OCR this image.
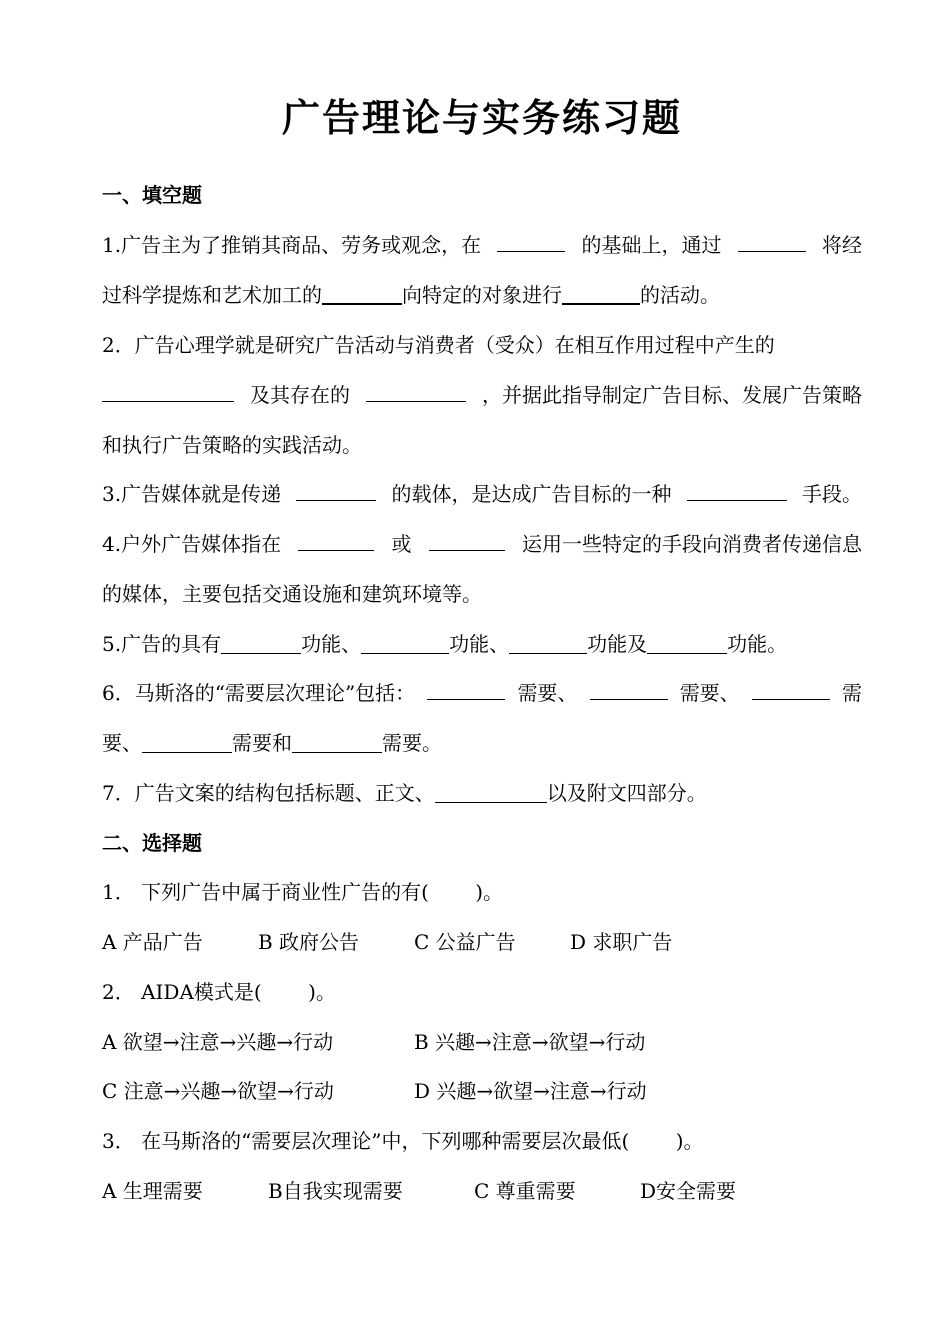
广告理论与实务练习题
一、填空题
1.广告主为了推销其商品、劳务或观念，在	的基础上，通过	将经
过科学提炼和艺术加工的	向特定的对象进行	的活动。
2．广告心理学就是研究广告活动与消费者（受众）在相互作用过程中产生的
及其存在的	，并据此指导制定广告目标、发展广告策略
和执行广告策略的实践活动。
3.广告媒体就是传递	的载体，是达成广告目标的一种	手段。
4.户外广告媒体指在	或	运用一些特定的手段向消费者传递信息
的媒体，主要包括交通设施和建筑环境等。
5.广告的具有	功能、	功能、	功能及	功能。
6．马斯洛的“需要层次理论”包括：	需要、	需要、	需
要、	需要和	需要。
7．广告文案的结构包括标题、正文、	以及附文四部分。
二、选择题
1． 下列广告中属于商业性广告的有(　　 )。
A 产品广告	B 政府公告	C 公益广告	D 求职广告
2． AIDA模式是(　　 )。
A 欲望→注意→兴趣→行动	B 兴趣→注意→欲望→行动
C 注意→兴趣→欲望→行动	D 兴趣→欲望→注意→行动
3． 在马斯洛的“需要层次理论”中，下列哪种需要层次最低(　　 )。
A 生理需要	B自我实现需要	C 尊重需要	D安全需要
